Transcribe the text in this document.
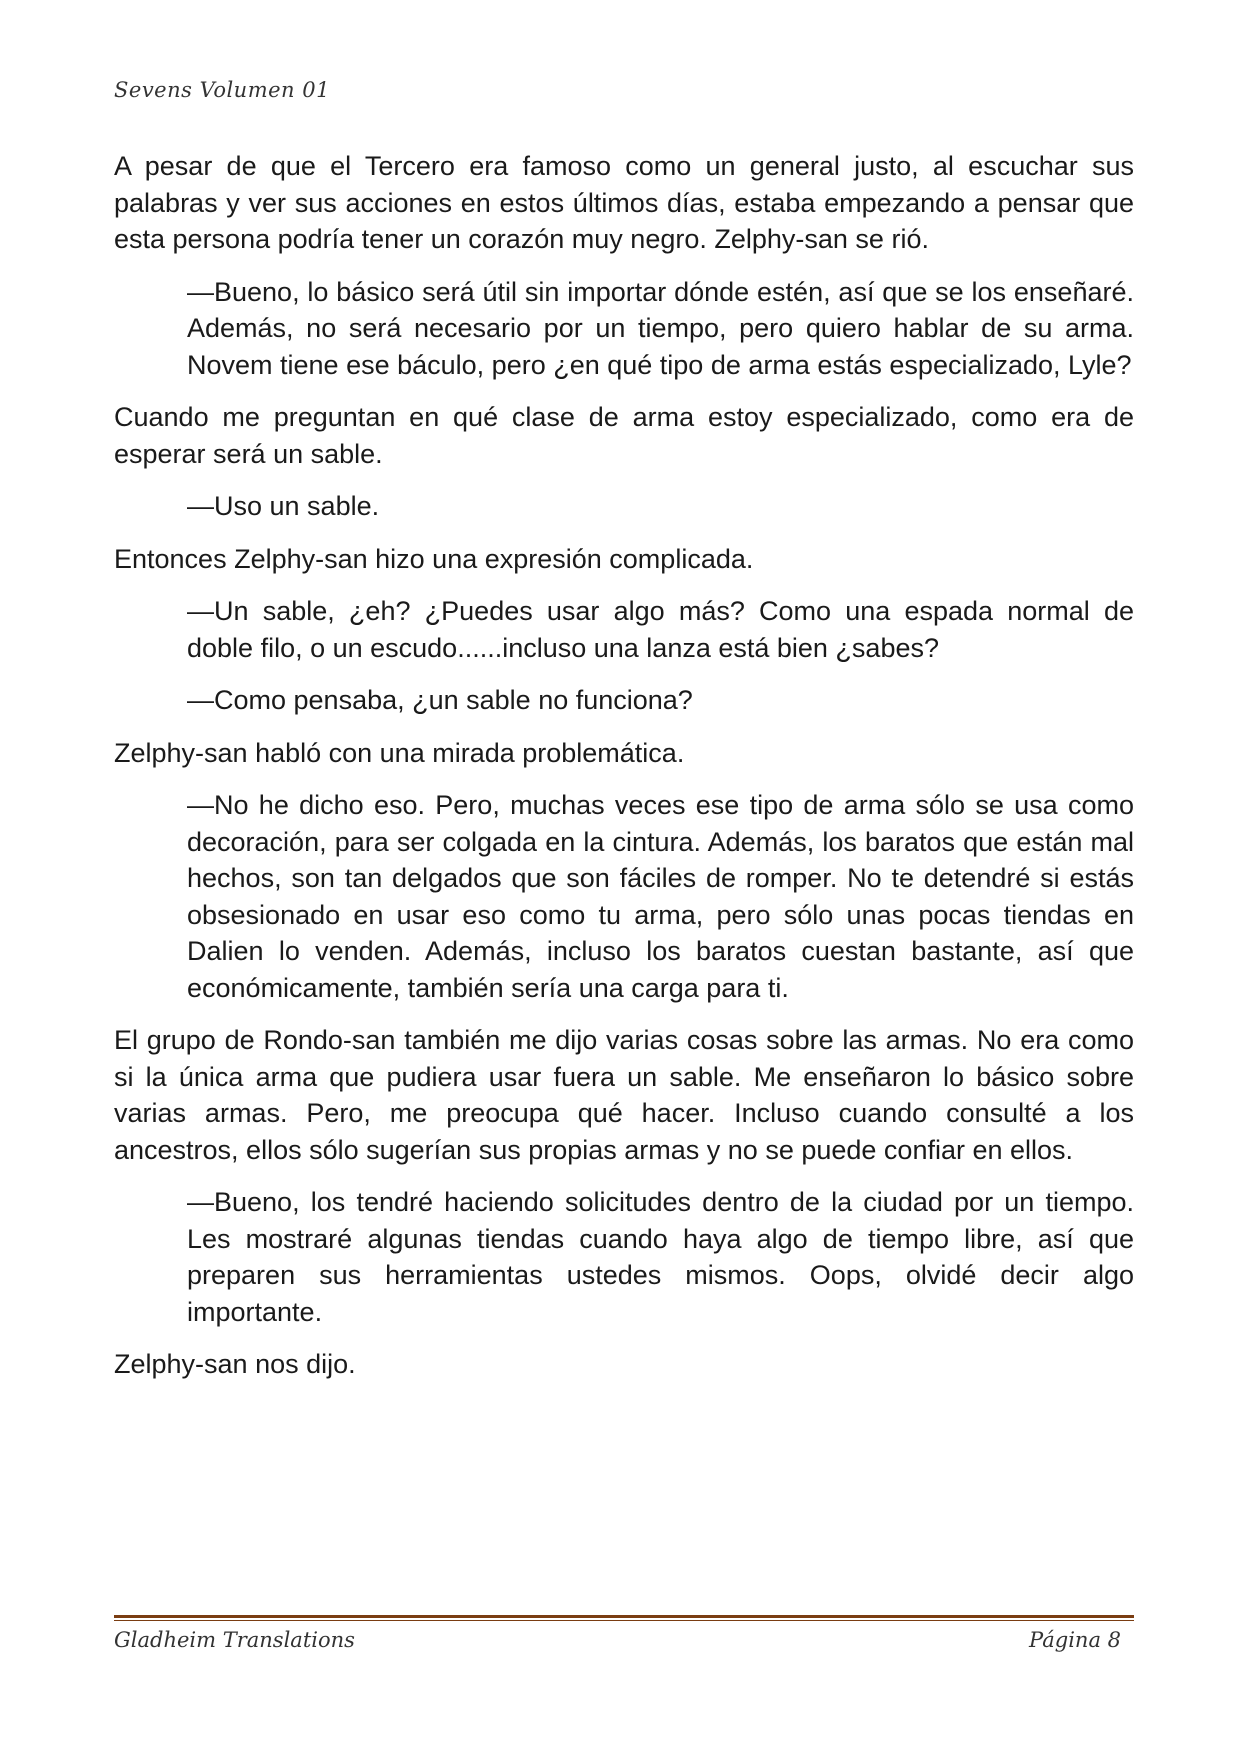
Sevens Volumen 01

A pesar de que el Tercero era famoso como un general justo, al escuchar sus palabras y ver sus acciones en estos últimos días, estaba empezando a pensar que esta persona podría tener un corazón muy negro. Zelphy-san se rió.

—Bueno, lo básico será útil sin importar dónde estén, así que se los enseñaré. Además, no será necesario por un tiempo, pero quiero hablar de su arma. Novem tiene ese báculo, pero ¿en qué tipo de arma estás especializado, Lyle?

Cuando me preguntan en qué clase de arma estoy especializado, como era de esperar será un sable.

—Uso un sable.

Entonces Zelphy-san hizo una expresión complicada.

—Un sable, ¿eh? ¿Puedes usar algo más? Como una espada normal de doble filo, o un escudo......incluso una lanza está bien ¿sabes?

—Como pensaba, ¿un sable no funciona?

Zelphy-san habló con una mirada problemática.

—No he dicho eso. Pero, muchas veces ese tipo de arma sólo se usa como decoración, para ser colgada en la cintura. Además, los baratos que están mal hechos, son tan delgados que son fáciles de romper. No te detendré si estás obsesionado en usar eso como tu arma, pero sólo unas pocas tiendas en Dalien lo venden. Además, incluso los baratos cuestan bastante, así que económicamente, también sería una carga para ti.

El grupo de Rondo-san también me dijo varias cosas sobre las armas. No era como si la única arma que pudiera usar fuera un sable. Me enseñaron lo básico sobre varias armas. Pero, me preocupa qué hacer. Incluso cuando consulté a los ancestros, ellos sólo sugerían sus propias armas y no se puede confiar en ellos.

—Bueno, los tendré haciendo solicitudes dentro de la ciudad por un tiempo. Les mostraré algunas tiendas cuando haya algo de tiempo libre, así que preparen sus herramientas ustedes mismos. Oops, olvidé decir algo importante.

Zelphy-san nos dijo.

Gladheim Translations	Página 8
